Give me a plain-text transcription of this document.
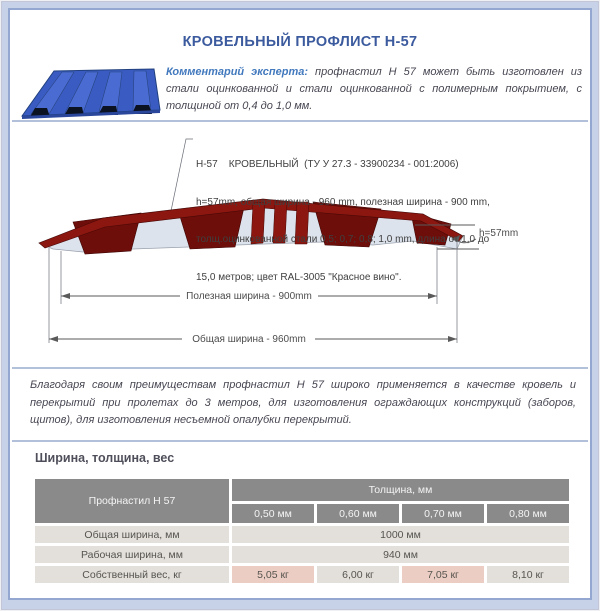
КРОВЕЛЬНЫЙ ПРОФЛИСТ Н-57
Комментарий эксперта: профнастил Н 57 может быть изготовлен из стали оцинкованной и стали оцинкованной с полимерным покрытием, с толщиной от 0,4 до 1,0 мм.
h=57mm
Полезная ширина - 900mm
Общая ширина - 960mm

Н-57    КРОВЕЛЬНЫЙ  (ТУ У 27.3 - 33900234 - 001:2006)

h=57mm, общая ширина - 960 mm, полезная ширина - 900 mm,

толщ.оцинкованной стали 0,5; 0,7; 0,8; 1,0 mm, длина от 1,0 до

15,0 метров; цвет RAL-3005 "Красное вино".

Благодаря своим преимуществам профнастил Н 57 широко применяется в качестве кровель и перекрытий при пролетах до 3 метров, для изготовления ограждающих конструкций (заборов, щитов), для изготовления несъемной опалубки перекрытий.
Ширина, толщина, вес
Профнастил Н 57	Толщина, мм			
	0,50 мм	0,60 мм	0,70 мм	0,80 мм
Общая ширина, мм	1000 мм			
Рабочая ширина, мм	940 мм			
Собственный вес, кг	5,05 кг	6,00 кг	7,05 кг	8,10 кг
